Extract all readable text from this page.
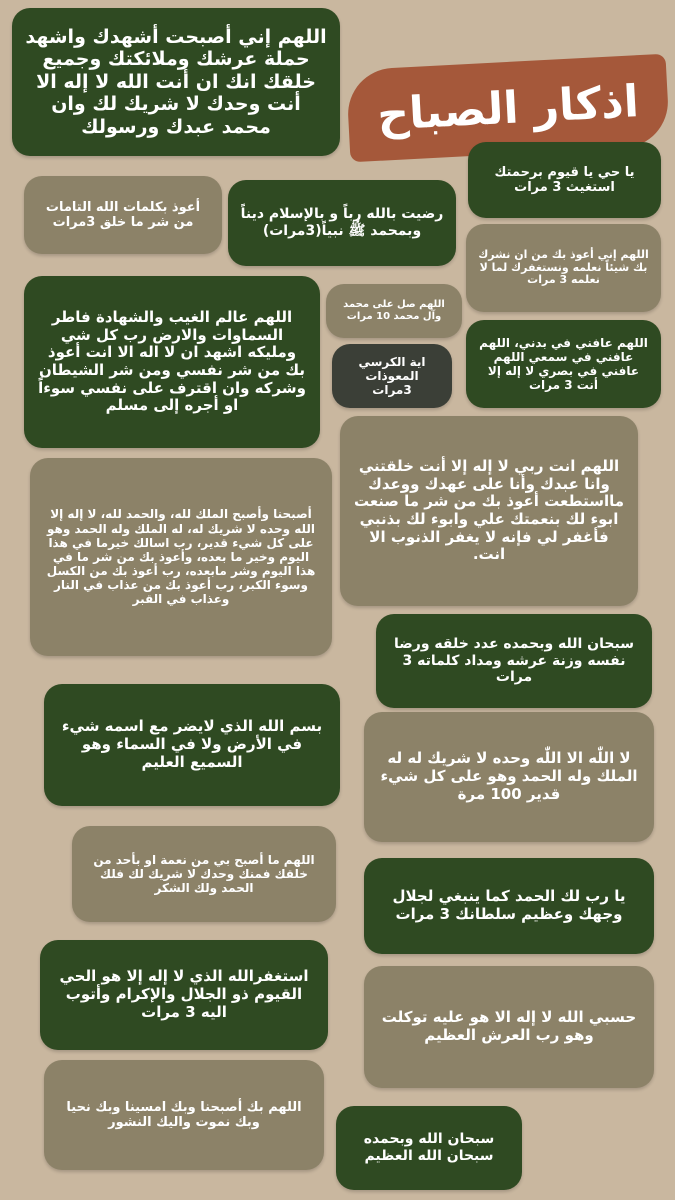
اذكار الصباح
اللهم إني أصبحت أشهدك واشهد حملة عرشك وملائكتك وجميع خلقك انك ان أنت الله لا إله الا أنت وحدك لا شريك لك وان محمد عبدك ورسولك
يا حي يا قيوم برحمتك استغيث 3 مرات
أعوذ بكلمات الله التامات من شر ما خلق 3مرات
رضيت بالله رباً و بالإسلام ديناً وبمحمد ﷺ نبياً(3مرات)
اللهم إني أعوذ بك من ان نشرك بك شيئاً نعلمه ونستغفرك لما لا نعلمه 3 مرات
اللهم عالم الغيب والشهادة فاطر السماوات والارض رب كل شي ومليكه اشهد ان لا اله الا انت أعوذ بك من شر نفسي ومن شر الشيطان وشركه وان اقترف على نفسي سوءاً او أجره إلى مسلم
اللهم صل على محمد وآل محمد 10 مرات
اية الكرسي المعوذات 3مرات
اللهم عافني في بدني، اللهم عافني في سمعي اللهم عافني في بصري لا إله إلا أنت 3 مرات
اللهم انت ربي لا إله إلا أنت خلقتني وانا عبدك وأنا على عهدك ووعدك مااستطعت أعوذ بك من شر ما صنعت ابوء لك بنعمتك علي وابوء لك بذنبي فأغفر لي فإنه لا يغفر الذنوب الا انت.
أصبحنا وأصبح الملك لله، والحمد لله، لا إله إلا الله وحده لا شريك له، له الملك وله الحمد وهو على كل شيء قدير، رب اسالك خيرما في هذا اليوم وخير ما بعده، وأعوذ بك من شر ما في هذا اليوم وشر مابعده، رب أعوذ بك من الكسل وسوء الكبر، رب أعوذ بك من عذاب في النار وعذاب في القبر
سبحان الله وبحمده عدد خلقه ورضا نفسه وزنة عرشه ومداد كلماته 3 مرات
بسم الله الذي لايضر مع اسمه شيء في الأرض ولا في السماء وهو السميع العليم	لا اللّٰه الا اللّٰه وحده لا شريك له له الملك وله الحمد وهو على كل شيء قدير 100 مرة
اللهم ما أصبح بي من نعمة او بأحد من خلقك فمنك وحدك لا شريك لك فلك الحمد ولك الشكر	يا رب لك الحمد كما ينبغي لجلال وجهك وعظيم سلطانك 3 مرات
استغفرالله الذي لا إله إلا هو الحي القيوم ذو الجلال والإكرام وأتوب اليه 3 مرات	حسبي الله لا إله الا هو عليه توكلت وهو رب العرش العظيم
اللهم بك أصبحنا وبك امسينا وبك نحيا وبك نموت واليك النشور
سبحان الله وبحمده سبحان الله العظيم
